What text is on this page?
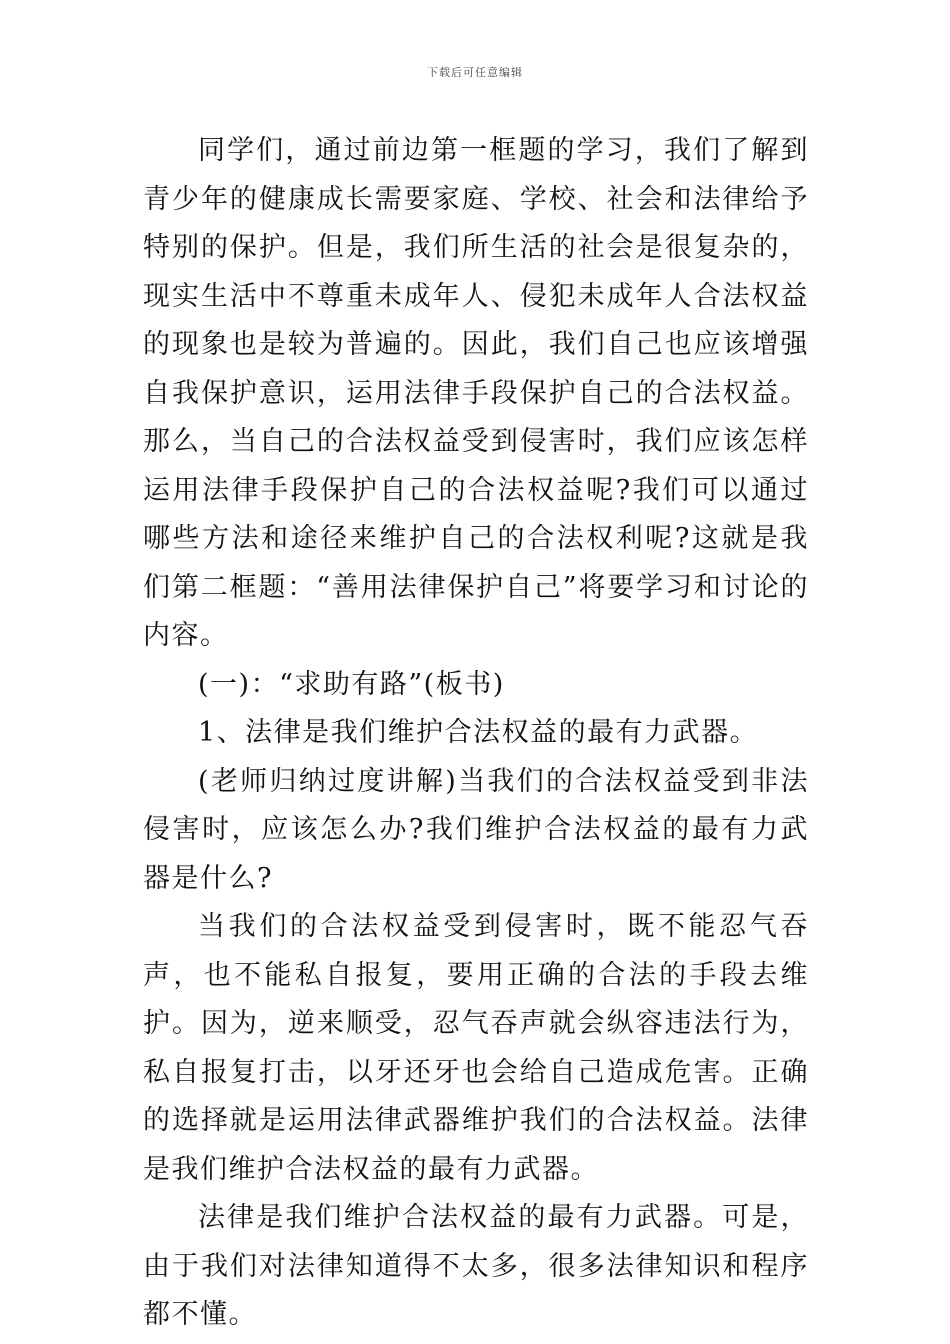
下载后可任意编辑

同学们，通过前边第一框题的学习，我们了解到青少年的健康成长需要家庭、学校、社会和法律给予特别的保护。但是，我们所生活的社会是很复杂的，现实生活中不尊重未成年人、侵犯未成年人合法权益的现象也是较为普遍的。因此，我们自己也应该增强自我保护意识，运用法律手段保护自己的合法权益。那么，当自己的合法权益受到侵害时，我们应该怎样运用法律手段保护自己的合法权益呢?我们可以通过哪些方法和途径来维护自己的合法权利呢?这就是我们第二框题：“善用法律保护自己”将要学习和讨论的内容。

(一)：“求助有路”(板书)

1、法律是我们维护合法权益的最有力武器。

(老师归纳过度讲解)当我们的合法权益受到非法侵害时，应该怎么办?我们维护合法权益的最有力武器是什么?

当我们的合法权益受到侵害时，既不能忍气吞声，也不能私自报复，要用正确的合法的手段去维护。因为，逆来顺受，忍气吞声就会纵容违法行为，私自报复打击，以牙还牙也会给自己造成危害。正确的选择就是运用法律武器维护我们的合法权益。法律是我们维护合法权益的最有力武器。

法律是我们维护合法权益的最有力武器。可是，由于我们对法律知道得不太多，很多法律知识和程序都不懂。
